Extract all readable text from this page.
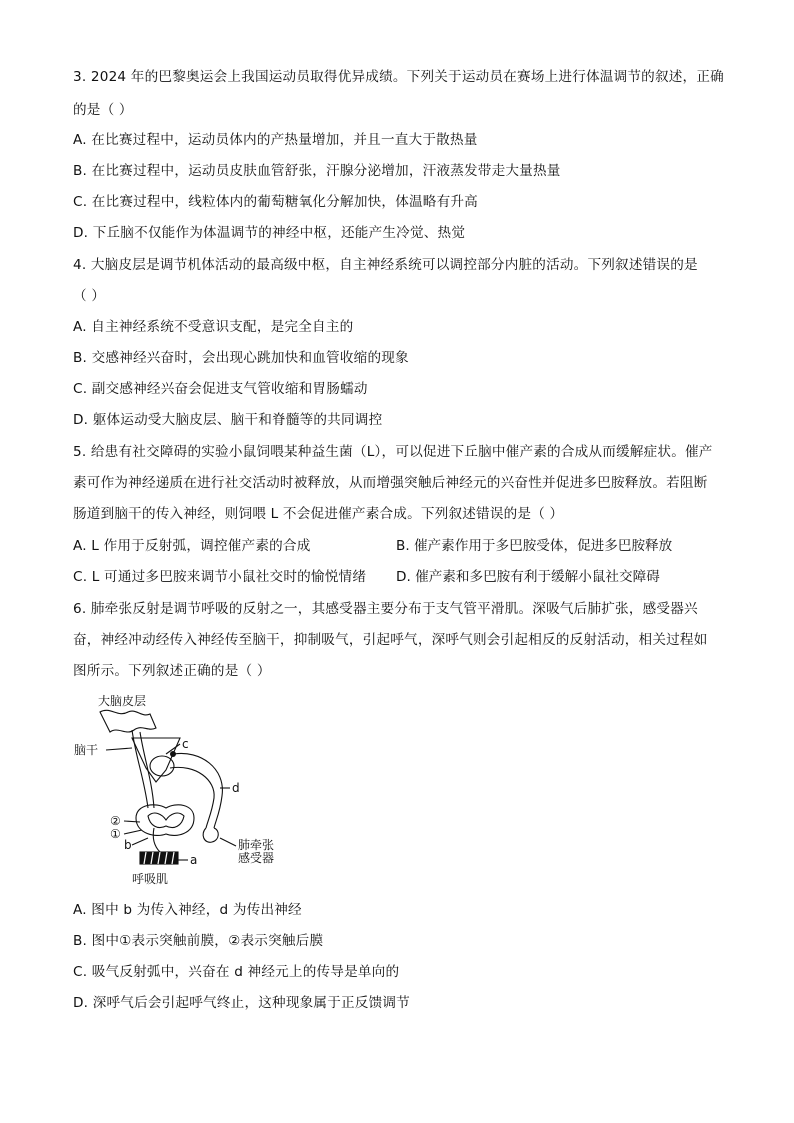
3. 2024 年的巴黎奥运会上我国运动员取得优异成绩。下列关于运动员在赛场上进行体温调节的叙述，正确
的是（ ）
A. 在比赛过程中，运动员体内的产热量增加，并且一直大于散热量
B. 在比赛过程中，运动员皮肤血管舒张，汗腺分泌增加，汗液蒸发带走大量热量
C. 在比赛过程中，线粒体内的葡萄糖氧化分解加快，体温略有升高
D. 下丘脑不仅能作为体温调节的神经中枢，还能产生冷觉、热觉
4. 大脑皮层是调节机体活动的最高级中枢，自主神经系统可以调控部分内脏的活动。下列叙述错误的是
（ ）
A. 自主神经系统不受意识支配，是完全自主的
B. 交感神经兴奋时，会出现心跳加快和血管收缩的现象
C. 副交感神经兴奋会促进支气管收缩和胃肠蠕动
D. 躯体运动受大脑皮层、脑干和脊髓等的共同调控
5. 给患有社交障碍的实验小鼠饲喂某种益生菌（L），可以促进下丘脑中催产素的合成从而缓解症状。催产
素可作为神经递质在进行社交活动时被释放，从而增强突触后神经元的兴奋性并促进多巴胺释放。若阻断
肠道到脑干的传入神经，则饲喂 L 不会促进催产素合成。下列叙述错误的是（ ）
A. L 作用于反射弧，调控催产素的合成	B. 催产素作用于多巴胺受体，促进多巴胺释放
C. L 可通过多巴胺来调节小鼠社交时的愉悦情绪 D. 催产素和多巴胺有利于缓解小鼠社交障碍
6. 肺牵张反射是调节呼吸的反射之一，其感受器主要分布于支气管平滑肌。深吸气后肺扩张，感受器兴
奋，神经冲动经传入神经传至脑干，抑制吸气，引起呼气，深呼气则会引起相反的反射活动，相关过程如
图所示。下列叙述正确的是（ ）
大脑皮层
脑干	c
d
②
①
b
a
肺牵张
感受器
呼吸肌
A. 图中 b 为传入神经，d 为传出神经
B. 图中①表示突触前膜，②表示突触后膜
C. 吸气反射弧中，兴奋在 d 神经元上的传导是单向的
D. 深呼气后会引起呼气终止，这种现象属于正反馈调节
